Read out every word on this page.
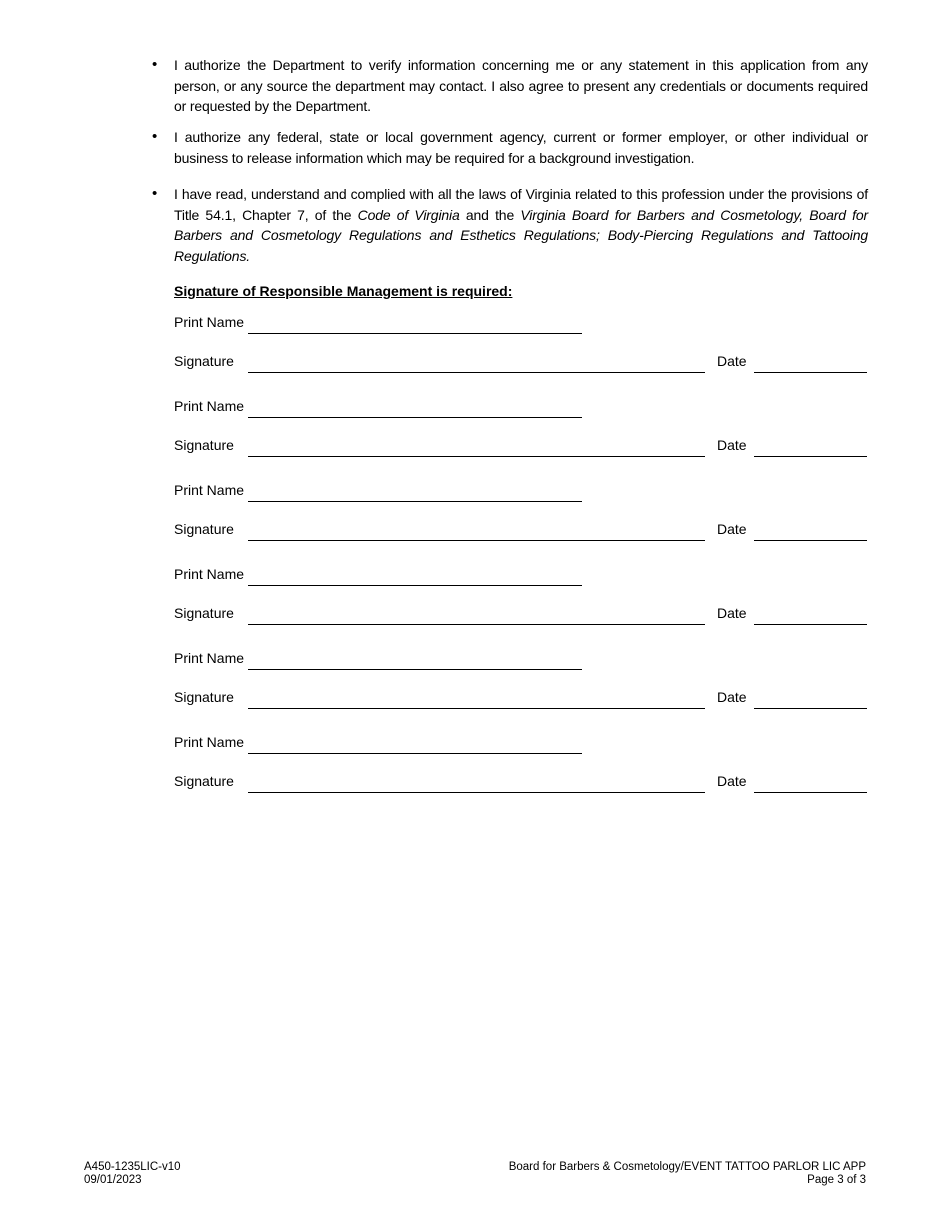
•	I authorize the Department to verify information concerning me or any statement in this application from any person, or any source the department may contact. I also agree to present any credentials or documents required or requested by the Department.
•	I authorize any federal, state or local government agency, current or former employer, or other individual or business to release information which may be required for a background investigation.
•	I have read, understand and complied with all the laws of Virginia related to this profession under the provisions of Title 54.1, Chapter 7, of the Code of Virginia and the Virginia Board for Barbers and Cosmetology, Board for Barbers and Cosmetology Regulations and Esthetics Regulations; Body-Piercing Regulations and Tattooing Regulations.
Signature of Responsible Management is required:
Print Name
Signature	Date
Print Name
Signature	Date
Print Name
Signature	Date
Print Name
Signature	Date
Print Name
Signature	Date
Print Name
Signature	Date
A450-1235LIC-v10
09/01/2023
Board for Barbers & Cosmetology/EVENT TATTOO PARLOR LIC APP
Page 3 of 3
